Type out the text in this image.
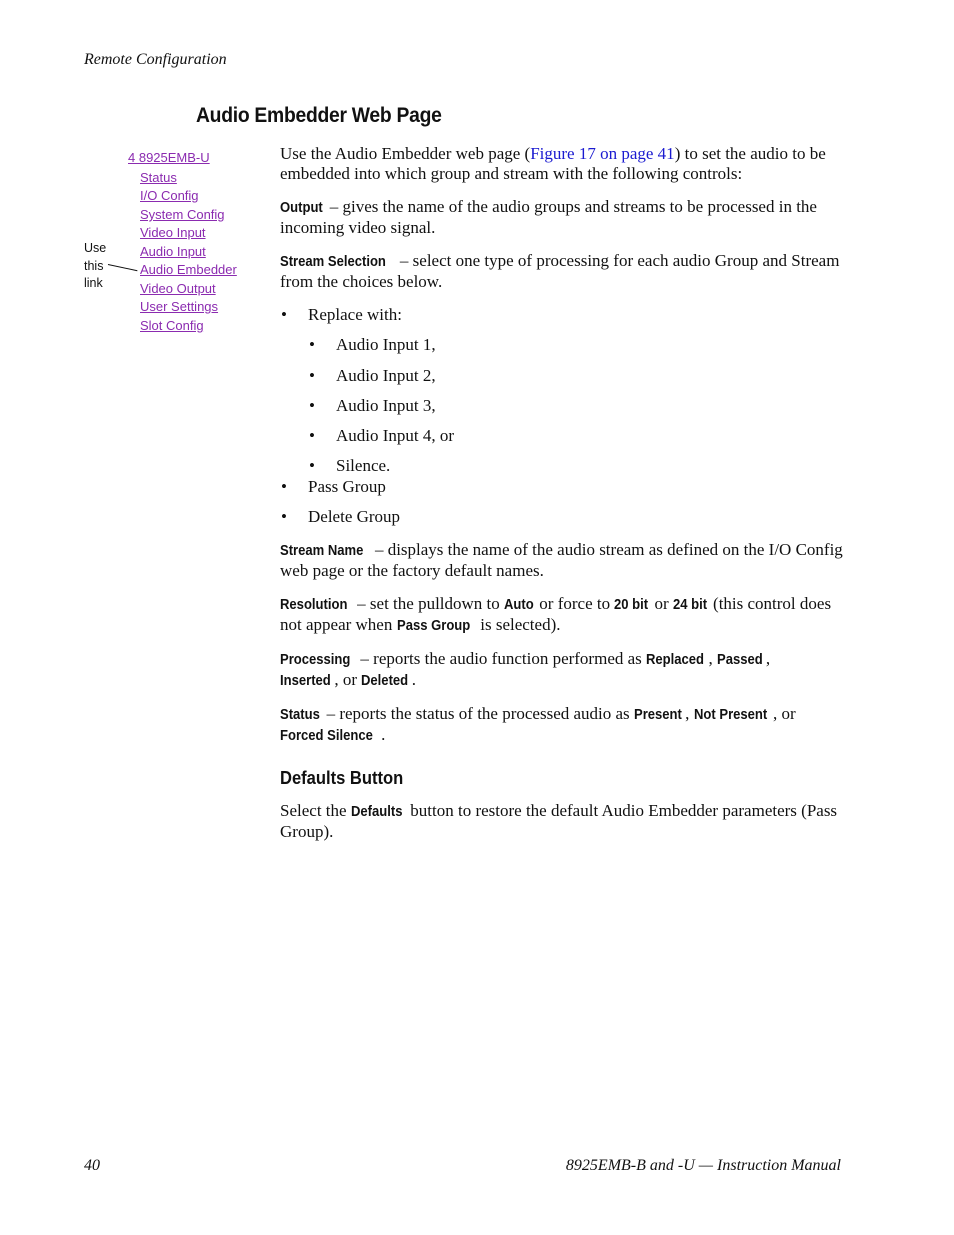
Remote Configuration
Audio Embedder Web Page
4 8925EMB-U
Status
I/O Config
System Config
Video Input
Audio Input
Audio Embedder
Video Output
User Settings
Slot Config
Use
this
link

Use the Audio Embedder web page (Figure 17 on page 41) to set the audio to be embedded into which group and stream with the following controls:

Output – gives the name of the audio groups and streams to be processed in the incoming video signal.

Stream Selection – select one type of processing for each audio Group and Stream from the choices below.

• Replace with:
• Audio Input 1,
• Audio Input 2,
• Audio Input 3,
• Audio Input 4, or
• Silence.
• Pass Group
• Delete Group

Stream Name – displays the name of the audio stream as defined on the I/O Config web page or the factory default names.

Resolution – set the pulldown to Auto or force to 20 bit or 24 bit (this control does not appear when Pass Group is selected).

Processing – reports the audio function performed as Replaced , Passed ,
Inserted , or Deleted .

Status – reports the status of the processed audio as Present , Not Present , or
Forced Silence .

Defaults Button

Select the Defaults button to restore the default Audio Embedder parameters (Pass Group).

40	8925EMB-B and -U — Instruction Manual
